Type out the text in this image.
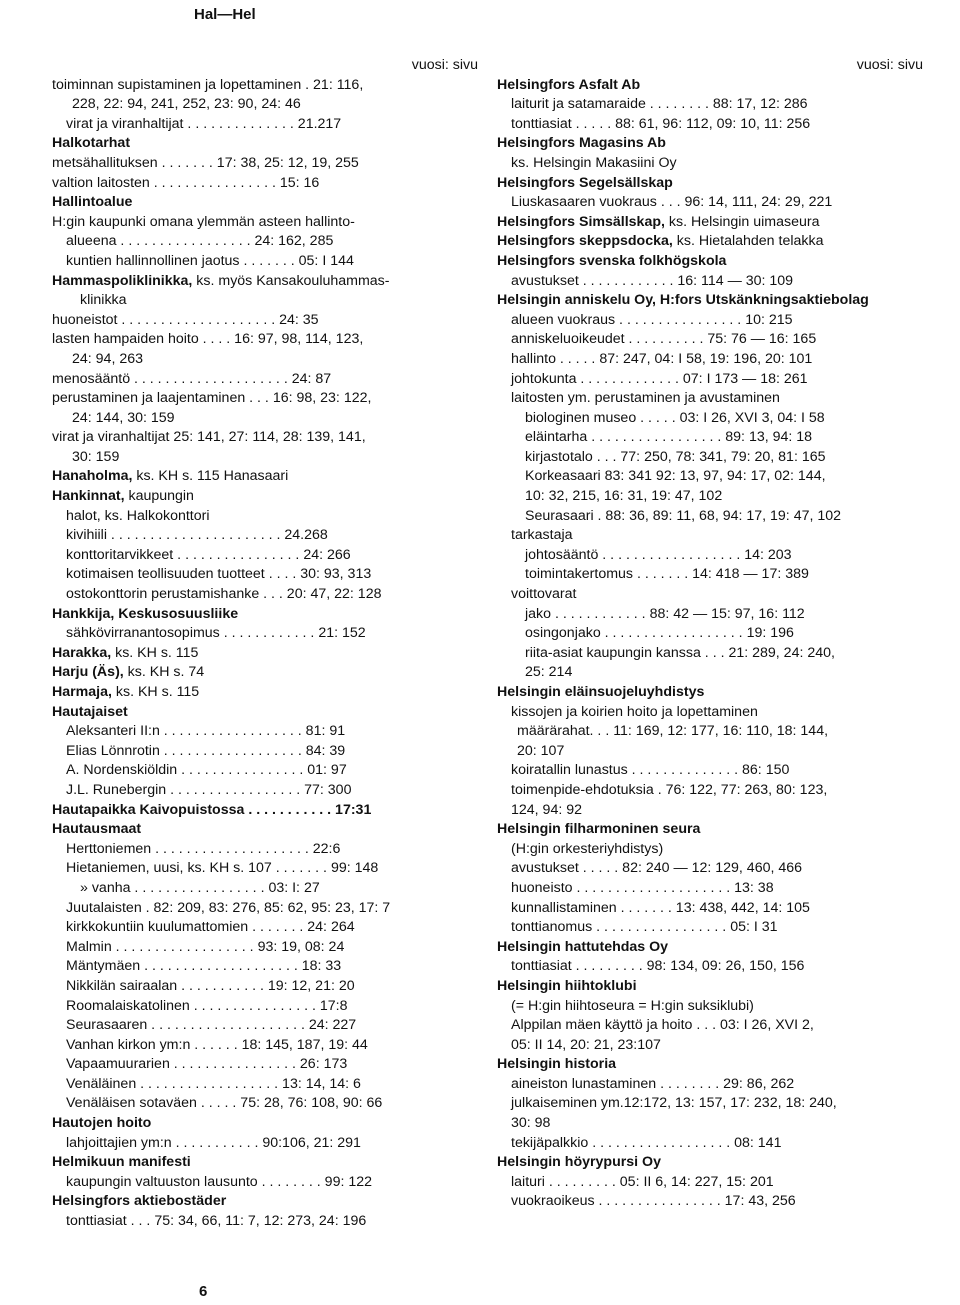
Hal—Hel
vuosi: sivu
toiminnan supistaminen ja lopettaminen . 21: 116,
228, 22: 94, 241, 252, 23: 90, 24: 46
virat ja viranhaltijat . . . . . . . . . . . . . . 21.217
Halkotarhat
metsähallituksen . . . . . . . 17: 38, 25: 12, 19, 255
valtion laitosten . . . . . . . . . . . . . . . . 15: 16
Hallintoalue
H:gin kaupunki omana ylemmän asteen hallinto-
alueena . . . . . . . . . . . . . . . . . 24: 162, 285
kuntien hallinnollinen jaotus . . . . . . . 05: I 144
Hammaspoliklinikka, ks. myös Kansakouluhammas-
klinikka
huoneistot . . . . . . . . . . . . . . . . . . . . 24: 35
lasten hampaiden hoito . . . . 16: 97, 98, 114, 123,
24: 94, 263
menosääntö . . . . . . . . . . . . . . . . . . . . 24: 87
perustaminen ja laajentaminen . . . 16: 98, 23: 122,
24: 144, 30: 159
virat ja viranhaltijat 25: 141, 27: 114, 28: 139, 141,
30: 159
Hanaholma, ks. KH s. 115 Hanasaari
Hankinnat, kaupungin
halot, ks. Halkokonttori
kivihiili . . . . . . . . . . . . . . . . . . . . . . 24.268
konttoritarvikkeet . . . . . . . . . . . . . . . . 24: 266
kotimaisen teollisuuden tuotteet . . . . 30: 93, 313
ostokonttorin perustamishanke . . . 20: 47, 22: 128
Hankkija, Keskusosuusliike
sähkövirranantosopimus . . . . . . . . . . . . 21: 152
Harakka, ks. KH s. 115
Harju (Äs), ks. KH s. 74
Harmaja, ks. KH s. 115
Hautajaiset
Aleksanteri II:n . . . . . . . . . . . . . . . . . . 81: 91
Elias Lönnrotin . . . . . . . . . . . . . . . . . . 84: 39
A. Nordenskiöldin . . . . . . . . . . . . . . . . 01: 97
J.L. Runebergin . . . . . . . . . . . . . . . . . 77: 300
Hautapaikka Kaivopuistossa . . . . . . . . . . . 17:31
Hautausmaat
Herttoniemen . . . . . . . . . . . . . . . . . . . . 22:6
Hietaniemen, uusi, ks. KH s. 107 . . . . . . . 99: 148
» vanha . . . . . . . . . . . . . . . . . 03: I: 27
Juutalaisten . 82: 209, 83: 276, 85: 62, 95: 23, 17: 7
kirkkokuntiin kuulumattomien . . . . . . . 24: 264
Malmin . . . . . . . . . . . . . . . . . . 93: 19, 08: 24
Mäntymäen . . . . . . . . . . . . . . . . . . . . 18: 33
Nikkilän sairaalan . . . . . . . . . . . 19: 12, 21: 20
Roomalaiskatolinen . . . . . . . . . . . . . . . . 17:8
Seurasaaren . . . . . . . . . . . . . . . . . . . . 24: 227
Vanhan kirkon ym:n . . . . . . 18: 145, 187, 19: 44
Vapaamuurarien . . . . . . . . . . . . . . . . 26: 173
Venäläinen . . . . . . . . . . . . . . . . . . 13: 14, 14: 6
Venäläisen sotaväen . . . . . 75: 28, 76: 108, 90: 66
Hautojen hoito
lahjoittajien ym:n . . . . . . . . . . . 90:106, 21: 291
Helmikuun manifesti
kaupungin valtuuston lausunto . . . . . . . . 99: 122
Helsingfors aktiebostäder
tonttiasiat . . . 75: 34, 66, 11: 7, 12: 273, 24: 196
vuosi: sivu
Helsingfors Asfalt Ab
laiturit ja satamaraide . . . . . . . . 88: 17, 12: 286
tonttiasiat . . . . . 88: 61, 96: 112, 09: 10, 11: 256
Helsingfors Magasins Ab
ks. Helsingin Makasiini Oy
Helsingfors Segelsällskap
Liuskasaaren vuokraus . . . 96: 14, 111, 24: 29, 221
Helsingfors Simsällskap, ks. Helsingin uimaseura
Helsingfors skeppsdocka, ks. Hietalahden telakka
Helsingfors svenska folkhögskola
avustukset . . . . . . . . . . . . 16: 114 — 30: 109
Helsingin anniskelu Oy, H:fors Utskänkningsaktiebolag
alueen vuokraus . . . . . . . . . . . . . . . . 10: 215
anniskeluoikeudet . . . . . . . . . . 75: 76 — 16: 165
hallinto . . . . . 87: 247, 04: I 58, 19: 196, 20: 101
johtokunta . . . . . . . . . . . . . 07: I 173 — 18: 261
laitosten ym. perustaminen ja avustaminen
biologinen museo . . . . . 03: I 26, XVI 3, 04: I 58
eläintarha . . . . . . . . . . . . . . . . . 89: 13, 94: 18
kirjastotalo . . . 77: 250, 78: 341, 79: 20, 81: 165
Korkeasaari 83: 341 92: 13, 97, 94: 17, 02: 144,
10: 32, 215, 16: 31, 19: 47, 102
Seurasaari . 88: 36, 89: 11, 68, 94: 17, 19: 47, 102
tarkastaja
johtosääntö . . . . . . . . . . . . . . . . . . 14: 203
toimintakertomus . . . . . . . 14: 418 — 17: 389
voittovarat
jako . . . . . . . . . . . . 88: 42 — 15: 97, 16: 112
osingonjako . . . . . . . . . . . . . . . . . . 19: 196
riita-asiat kaupungin kanssa . . . 21: 289, 24: 240,
25: 214
Helsingin eläinsuojeluyhdistys
kissojen ja koirien hoito ja lopettaminen
määrärahat. . . 11: 169, 12: 177, 16: 110, 18: 144,
20: 107
koiratallin lunastus . . . . . . . . . . . . . . 86: 150
toimenpide-ehdotuksia . 76: 122, 77: 263, 80: 123,
124, 94: 92
Helsingin filharmoninen seura
(H:gin orkesteriyhdistys)
avustukset . . . . . 82: 240 — 12: 129, 460, 466
huoneisto . . . . . . . . . . . . . . . . . . . . 13: 38
kunnallistaminen . . . . . . . 13: 438, 442, 14: 105
tonttianomus . . . . . . . . . . . . . . . . . 05: I 31
Helsingin hattutehdas Oy
tonttiasiat . . . . . . . . . 98: 134, 09: 26, 150, 156
Helsingin hiihtoklubi
(= H:gin hiihtoseura = H:gin suksiklubi)
Alppilan mäen käyttö ja hoito . . . 03: I 26, XVI 2,
05: II 14, 20: 21, 23:107
Helsingin historia
aineiston lunastaminen . . . . . . . . 29: 86, 262
julkaiseminen ym.12:172, 13: 157, 17: 232, 18: 240,
30: 98
tekijäpalkkio . . . . . . . . . . . . . . . . . . 08: 141
Helsingin höyrypursi Oy
laituri . . . . . . . . . 05: II 6, 14: 227, 15: 201
vuokraoikeus . . . . . . . . . . . . . . . . 17: 43, 256
6
